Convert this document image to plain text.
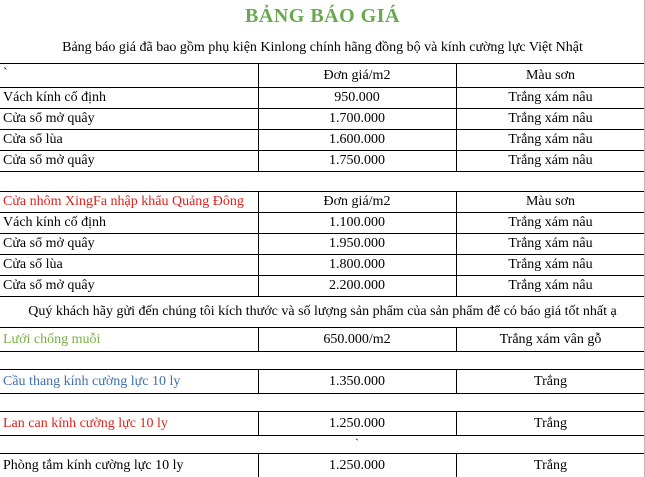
BẢNG BÁO GIÁ
Bảng báo giá đã bao gồm phụ kiện Kinlong chính hãng đồng bộ và kính cường lực Việt Nhật
`	Đơn giá/m2	Màu sơn
Vách kính cố định	950.000	Trắng xám nâu
Cửa sổ mở quây	1.700.000	Trắng xám nâu
Cửa sổ lùa	1.600.000	Trắng xám nâu
Cửa sổ mở quây	1.750.000	Trắng xám nâu
Cửa nhôm XingFa nhập khẩu Quảng Đông	Đơn giá/m2	Màu sơn
Vách kính cố định	1.100.000	Trắng xám nâu
Cửa sổ mở quây	1.950.000	Trắng xám nâu
Cửa sổ lùa	1.800.000	Trắng xám nâu
Cửa sổ mở quây	2.200.000	Trắng xám nâu
Quý khách hãy gửi đến chúng tôi kích thước và số lượng sản phẩm của sản phẩm để có báo giá tốt nhất ạ
Lưới chống muỗi	650.000/m2	Trắng xám vân gỗ
Cầu thang kính cường lực 10 ly	1.350.000	Trắng
Lan can kính cường lực 10 ly	1.250.000	Trắng
`
Phòng tắm kính cường lực 10 ly	1.250.000	Trắng
